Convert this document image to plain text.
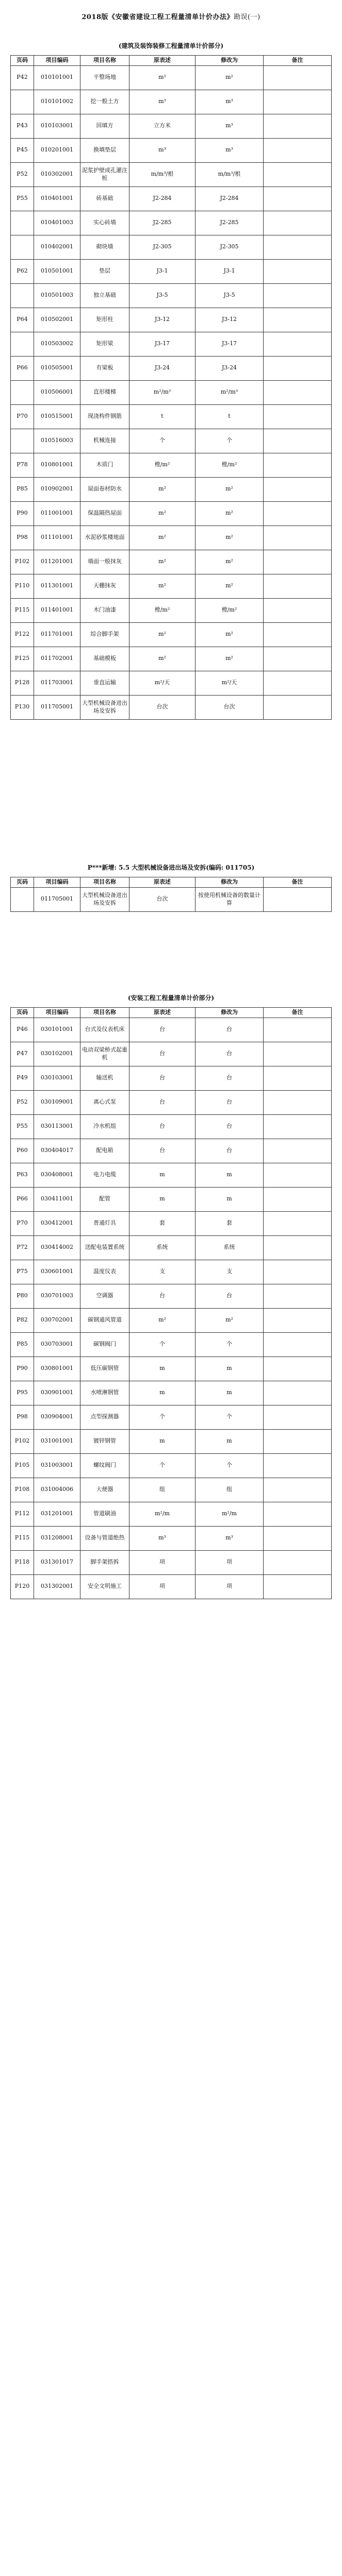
2018版《安徽省建设工程工程量清单计价办法》勘误(一)
(建筑及装饰装修工程量清单计价部分)
页码	项目编码	项目名称	原表述	修改为	备注
P42	010101001	平整场地	m²	m²	
	010101002	挖一般土方	m³	m³	
P43	010103001	回填方	立方米	m³	
P45	010201001	换填垫层	m³	m³	
P52	010302001	泥浆护壁成孔灌注桩	m/m³/根	m/m³/根	
P55	010401001	砖基础	J2-284	J2-284	
	010401003	实心砖墙	J2-285	J2-285	
	010402001	砌块墙	J2-305	J2-305	
P62	010501001	垫层	J3-1	J3-1	
	010501003	独立基础	J3-5	J3-5	
P64	010502001	矩形柱	J3-12	J3-12	
	010503002	矩形梁	J3-17	J3-17	
P66	010505001	有梁板	J3-24	J3-24	
	010506001	直形楼梯	m²/m³	m²/m³	
P70	010515001	现浇构件钢筋	t	t	
	010516003	机械连接	个	个	
P78	010801001	木质门	樘/m²	樘/m²	
P85	010902001	屋面卷材防水	m²	m²	
P90	011001001	保温隔热屋面	m²	m²	
P98	011101001	水泥砂浆楼地面	m²	m²	
P102	011201001	墙面一般抹灰	m²	m²	
P110	011301001	天棚抹灰	m²	m²	
P115	011401001	木门油漆	樘/m²	樘/m²	
P122	011701001	综合脚手架	m²	m²	
P125	011702001	基础模板	m²	m²	
P128	011703001	垂直运输	m²/天	m²/天	
P130	011705001	大型机械设备进出场及安拆	台次	台次	
P***新增: 5.5 大型机械设备进出场及安拆(编码: 011705)
页码	项目编码	项目名称	原表述	修改为	备注
	011705001	大型机械设备进出场及安拆	台次	按使用机械设备的数量计算	
(安装工程工程量清单计价部分)
页码	项目编码	项目名称	原表述	修改为	备注
P46	030101001	台式及仪表机床	台	台	
P47	030102001	电动双梁桥式起重机	台	台	
P49	030103001	输送机	台	台	
P52	030109001	离心式泵	台	台	
P55	030113001	冷水机组	台	台	
P60	030404017	配电箱	台	台	
P63	030408001	电力电缆	m	m	
P66	030411001	配管	m	m	
P70	030412001	普通灯具	套	套	
P72	030414002	送配电装置系统	系统	系统	
P75	030601001	温度仪表	支	支	
P80	030701003	空调器	台	台	
P82	030702001	碳钢通风管道	m²	m²	
P85	030703001	碳钢阀门	个	个	
P90	030801001	低压碳钢管	m	m	
P95	030901001	水喷淋钢管	m	m	
P98	030904001	点型探测器	个	个	
P102	031001001	镀锌钢管	m	m	
P105	031003001	螺纹阀门	个	个	
P108	031004006	大便器	组	组	
P112	031201001	管道刷油	m²/m	m²/m	
P115	031208001	设备与管道绝热	m³	m³	
P118	031301017	脚手架搭拆	项	项	
P120	031302001	安全文明施工	项	项	
